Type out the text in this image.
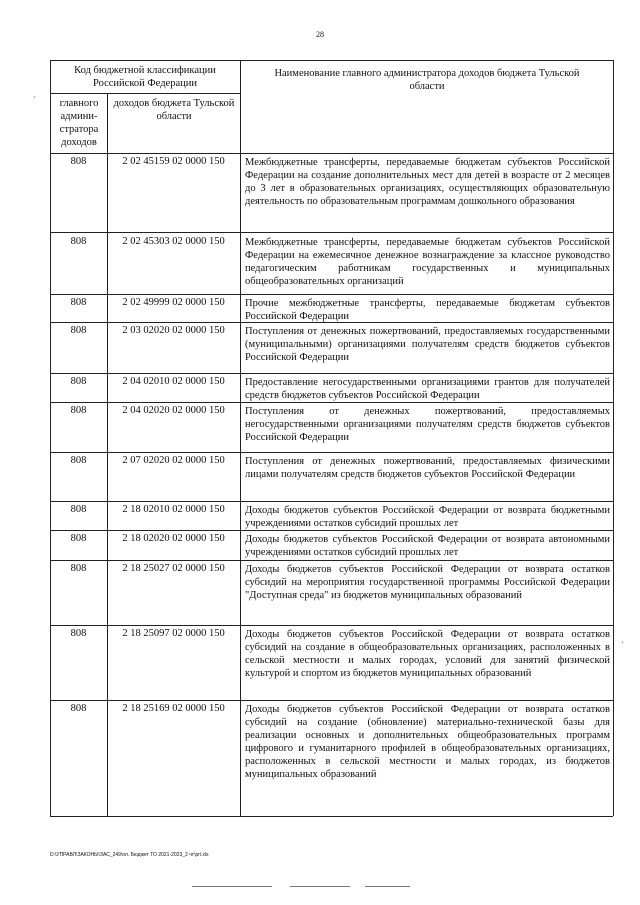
28
Код бюджетной классификации Российской Федерации
главного админи-стратора доходов
доходов бюджета Тульской области
Наименование главного администратора доходов бюджета Тульской области
808	2 02 45159 02 0000 150	Межбюджетные трансферты, передаваемые бюджетам субъектов Российской Федерации на создание дополнительных мест для детей в возрасте от 2 месяцев до 3 лет в образовательных организациях, осуществляющих образовательную деятельность по образовательным программам дошкольного образования
808	2 02 45303 02 0000 150	Межбюджетные трансферты, передаваемые бюджетам субъектов Российской Федерации на ежемесячное денежное вознаграждение за классное руководство педагогическим работникам государственных и муниципальных общеобразовательных организаций
808	2 02 49999 02 0000 150	Прочие межбюджетные трансферты, передаваемые бюджетам субъектов Российской Федерации
808	2 03 02020 02 0000 150	Поступления от денежных пожертвований, предоставляемых государственными (муниципальными) организациями получателям средств бюджетов субъектов Российской Федерации
808	2 04 02010 02 0000 150	Предоставление негосударственными организациями грантов для получателей средств бюджетов субъектов Российской Федерации
808	2 04 02020 02 0000 150	Поступления от денежных пожертвований, предоставляемых негосударственными организациями получателям средств бюджетов субъектов Российской Федерации
808	2 07 02020 02 0000 150	Поступления от денежных пожертвований, предоставляемых физическими лицами получателям средств бюджетов субъектов Российской Федерации
808	2 18 02010 02 0000 150	Доходы бюджетов субъектов Российской Федерации от возврата бюджетными учреждениями остатков субсидий прошлых лет
808	2 18 02020 02 0000 150	Доходы бюджетов субъектов Российской Федерации от возврата автономными учреждениями остатков субсидий прошлых лет
808	2 18 25027 02 0000 150	Доходы бюджетов субъектов Российской Федерации от возврата остатков субсидий на мероприятия государственной программы Российской Федерации "Доступная среда" из бюджетов муниципальных образований
808	2 18 25097 02 0000 150	Доходы бюджетов субъектов Российской Федерации от возврата остатков субсидий на создание в общеобразовательных организациях, расположенных в сельской местности и малых городах, условий для занятий физической культурой и спортом из бюджетов муниципальных образований
808	2 18 25169 02 0000 150	Доходы бюджетов субъектов Российской Федерации от возврата остатков субсидий на создание (обновление) материально-технической базы для реализации основных и дополнительных общеобразовательных программ цифрового и гуманитарного профилей в общеобразовательных организациях, расположенных в сельской местности и малых городах, из бюджетов муниципальных образований
ˊ
ˊ
D:\УПРАВЛ\ЗАКОНЫ\ЗАС_249\пл. Бюджет ТО 2021-2023_2 чт\prl.xls
